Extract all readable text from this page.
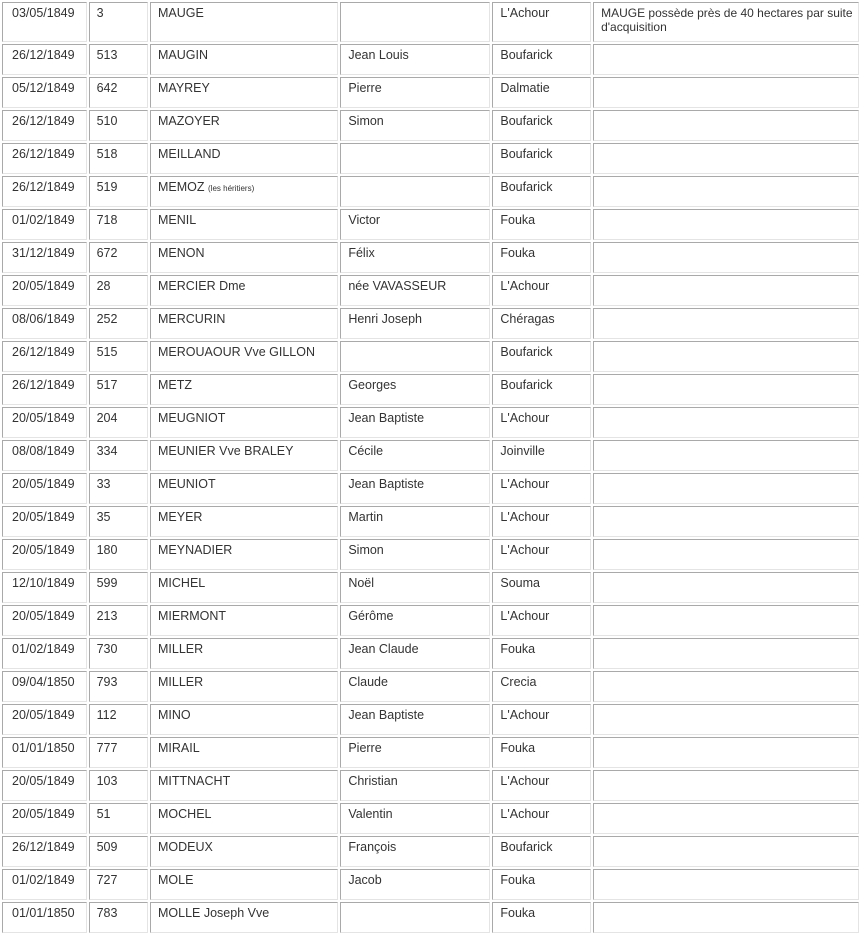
03/05/1849	3	MAUGE		L'Achour	MAUGE possède près de 40 hectares par suite d'acquisition
26/12/1849	513	MAUGIN	Jean Louis	Boufarick	
05/12/1849	642	MAYREY	Pierre	Dalmatie	
26/12/1849	510	MAZOYER	Simon	Boufarick	
26/12/1849	518	MEILLAND		Boufarick	
26/12/1849	519	MEMOZ (les héritiers)		Boufarick	
01/02/1849	718	MENIL	Victor	Fouka	
31/12/1849	672	MENON	Félix	Fouka	
20/05/1849	28	MERCIER Dme	née VAVASSEUR	L'Achour	
08/06/1849	252	MERCURIN	Henri Joseph	Chéragas	
26/12/1849	515	MEROUAOUR Vve GILLON		Boufarick	
26/12/1849	517	METZ	Georges	Boufarick	
20/05/1849	204	MEUGNIOT	Jean Baptiste	L'Achour	
08/08/1849	334	MEUNIER Vve BRALEY	Cécile	Joinville	
20/05/1849	33	MEUNIOT	Jean Baptiste	L'Achour	
20/05/1849	35	MEYER	Martin	L'Achour	
20/05/1849	180	MEYNADIER	Simon	L'Achour	
12/10/1849	599	MICHEL	Noël	Souma	
20/05/1849	213	MIERMONT	Gérôme	L'Achour	
01/02/1849	730	MILLER	Jean Claude	Fouka	
09/04/1850	793	MILLER	Claude	Crecia	
20/05/1849	112	MINO	Jean Baptiste	L'Achour	
01/01/1850	777	MIRAIL	Pierre	Fouka	
20/05/1849	103	MITTNACHT	Christian	L'Achour	
20/05/1849	51	MOCHEL	Valentin	L'Achour	
26/12/1849	509	MODEUX	François	Boufarick	
01/02/1849	727	MOLE	Jacob	Fouka	
01/01/1850	783	MOLLE Joseph Vve		Fouka	
